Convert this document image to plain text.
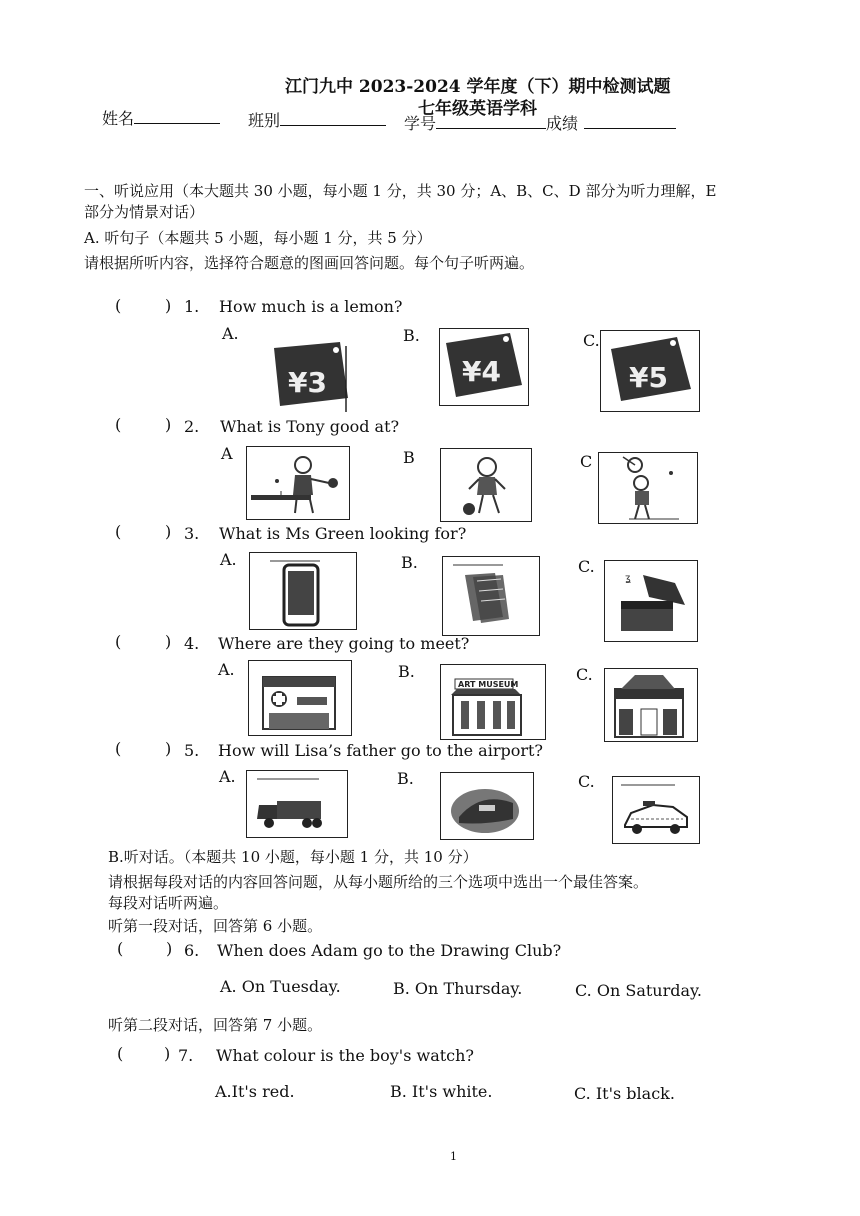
江门九中 2023-2024 学年度（下）期中检测试题
七年级英语学科
姓名	班别	学号	成绩
一、听说应用（本大题共 30 小题，每小题 1 分，共 30 分；A、B、C、D 部分为听力理解，E
部分为情景对话）
A. 听句子（本题共 5 小题，每小题 1 分，共 5 分）
请根据所听内容，选择符合题意的图画回答问题。每个句子听两遍。
(	) 1. How much is a lemon?
A.	B.	C.
¥3	¥4	¥5
(	) 2. What is Tony good at?
A	B	C
(	) 3. What is Ms Green looking for?
A.	B.	C.
ʓ
(	) 4. Where are they going to meet?
A.	B.	C.
ART MUSEUM
(	) 5. How will Lisa’s father go to the airport?
A.	B.	C.
B.听对话。（本题共 10 小题，每小题 1 分，共 10 分）
请根据每段对话的内容回答问题，从每小题所给的三个选项中选出一个最佳答案。
每段对话听两遍。
听第一段对话，回答第 6 小题。
(	) 6. When does Adam go to the Drawing Club?
A. On Tuesday.	B. On Thursday.	C. On Saturday.
听第二段对话，回答第 7 小题。
(	) 7. What colour is the boy's watch?
A.It's red.	B. It's white.	C. It's black.
1
